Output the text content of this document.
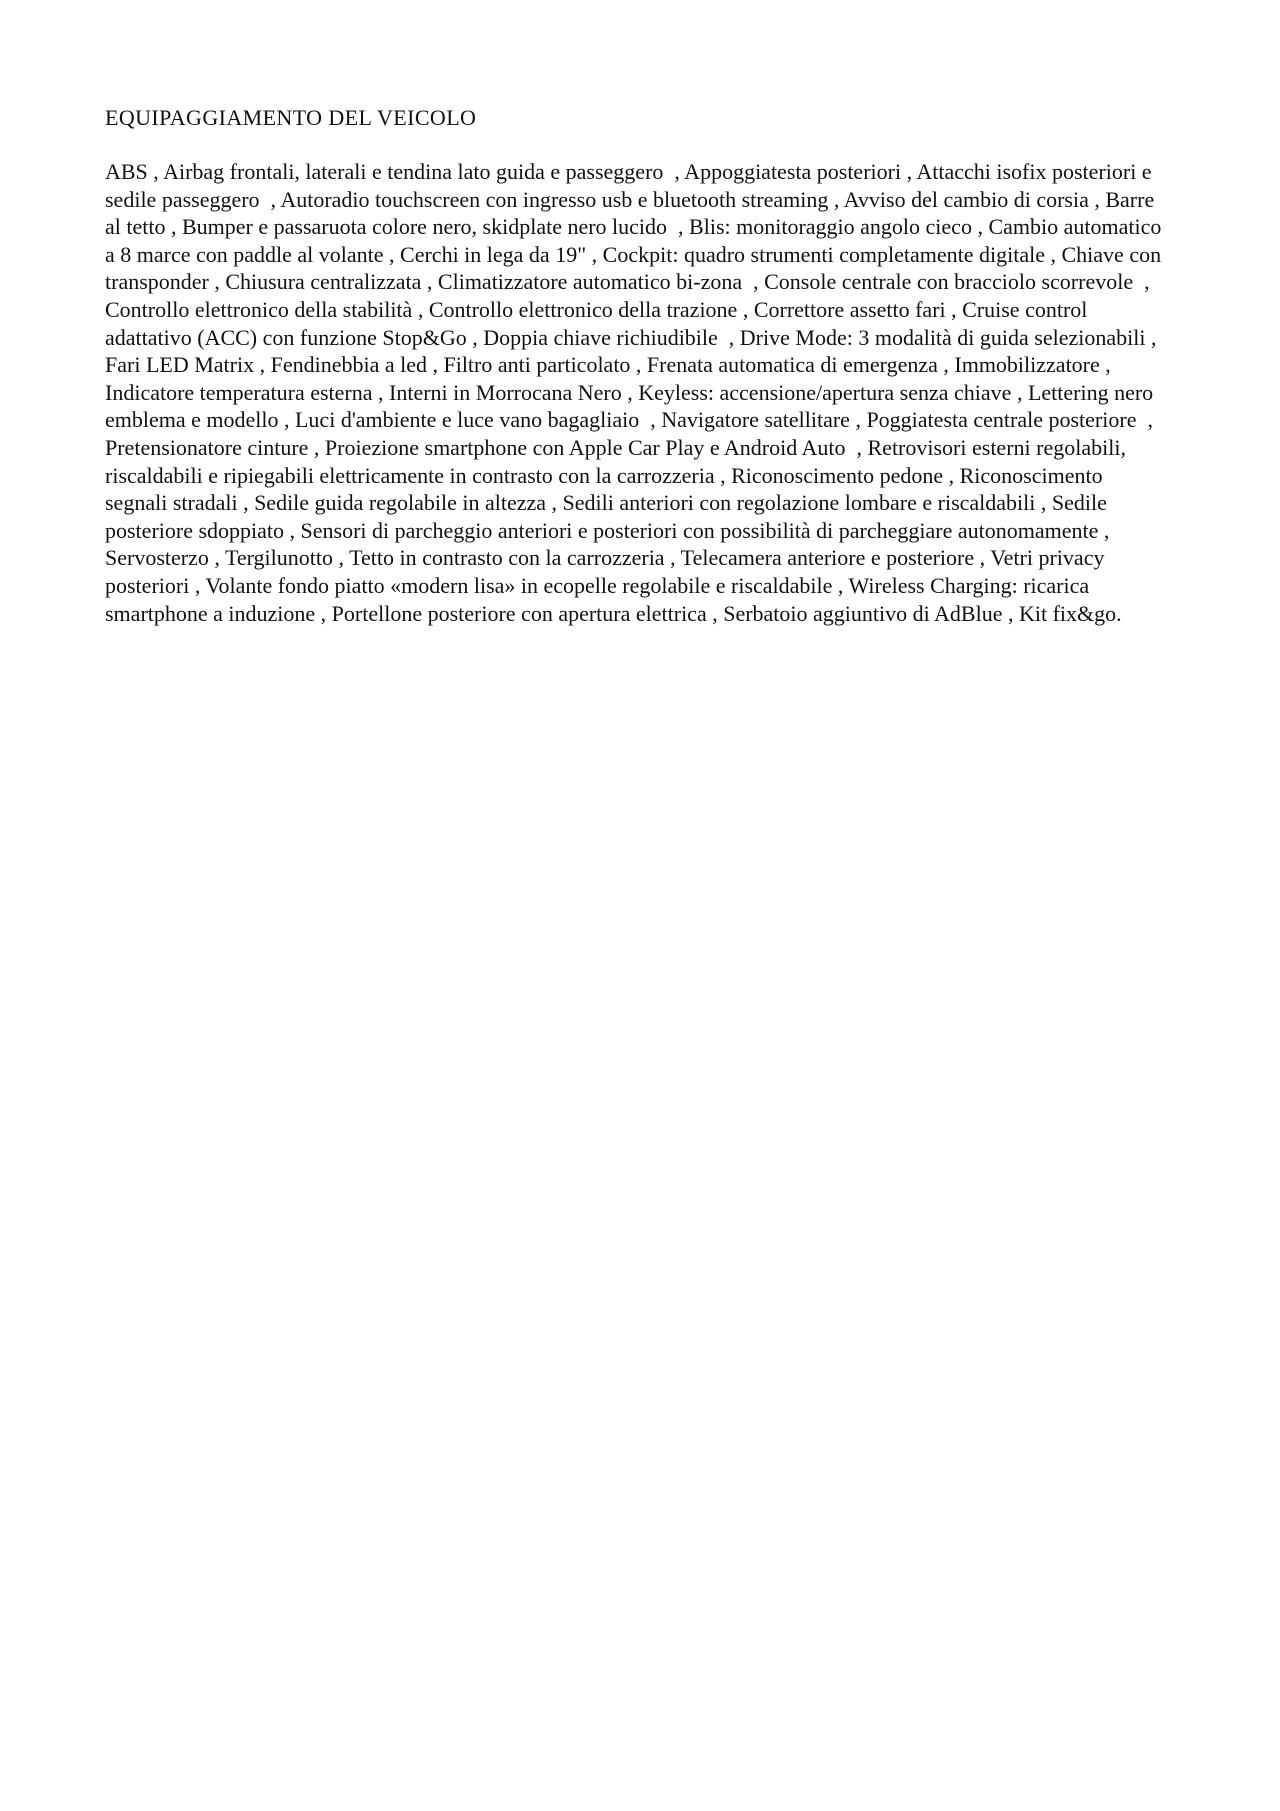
EQUIPAGGIAMENTO DEL VEICOLO

ABS , Airbag frontali, laterali e tendina lato guida e passeggero  , Appoggiatesta posteriori , Attacchi isofix posteriori e sedile passeggero  , Autoradio touchscreen con ingresso usb e bluetooth streaming , Avviso del cambio di corsia , Barre al tetto , Bumper e passaruota colore nero, skidplate nero lucido  , Blis: monitoraggio angolo cieco , Cambio automatico a 8 marce con paddle al volante , Cerchi in lega da 19" , Cockpit: quadro strumenti completamente digitale , Chiave con transponder , Chiusura centralizzata , Climatizzatore automatico bi-zona  , Console centrale con bracciolo scorrevole  , Controllo elettronico della stabilità , Controllo elettronico della trazione , Correttore assetto fari , Cruise control adattativo (ACC) con funzione Stop&Go , Doppia chiave richiudibile  , Drive Mode: 3 modalità di guida selezionabili , Fari LED Matrix , Fendinebbia a led , Filtro anti particolato , Frenata automatica di emergenza , Immobilizzatore , Indicatore temperatura esterna , Interni in Morrocana Nero , Keyless: accensione/apertura senza chiave , Lettering nero emblema e modello , Luci d'ambiente e luce vano bagagliaio  , Navigatore satellitare , Poggiatesta centrale posteriore  , Pretensionatore cinture , Proiezione smartphone con Apple Car Play e Android Auto  , Retrovisori esterni regolabili, riscaldabili e ripiegabili elettricamente in contrasto con la carrozzeria , Riconoscimento pedone , Riconoscimento segnali stradali , Sedile guida regolabile in altezza , Sedili anteriori con regolazione lombare e riscaldabili , Sedile posteriore sdoppiato , Sensori di parcheggio anteriori e posteriori con possibilità di parcheggiare autonomamente , Servosterzo , Tergilunotto , Tetto in contrasto con la carrozzeria , Telecamera anteriore e posteriore , Vetri privacy posteriori , Volante fondo piatto «modern lisa» in ecopelle regolabile e riscaldabile , Wireless Charging: ricarica smartphone a induzione , Portellone posteriore con apertura elettrica , Serbatoio aggiuntivo di AdBlue , Kit fix&go.
